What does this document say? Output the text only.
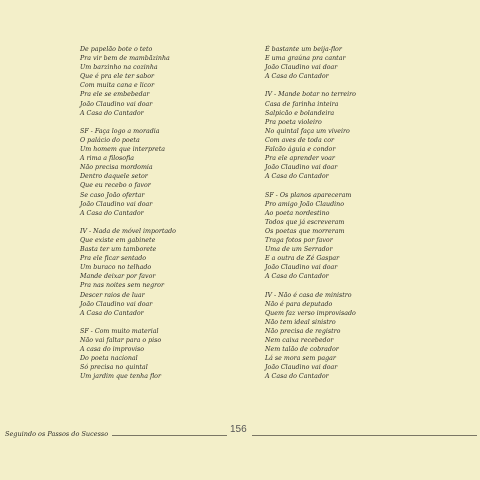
De papelão bote o teto
Pra vir bem de mambãzinha
Um barzinho na cozinha
Que é pra ele ter sabor
Com muita cana e licor
Pra ele se embebedar
João Claudino vai doar
A Casa do Cantador
SF - Faça logo a moradia
O palácio do poeta
Um homem que interpreta
A rima a filosofia
Não precisa mordomia
Dentro daquele setor
Que eu recebo o favor
Se caso João ofertar
João Claudino vai doar
A Casa do Cantador
IV - Nada de móvel importado
Que existe em gabinete
Basta ter um tamborete
Pra ele ficar sentado
Um buraco no telhado
Mande deixar por favor
Pra nas noites sem negror
Descer raios de luar
João Claudino vai doar
A Casa do Cantador
SF - Com muito material
Não vai faltar para o piso
A casa do improviso
Do poeta nacional
Só precisa no quintal
Um jardim que tenha flor
É bastante um beija-flor
E uma graúna pra cantar
João Claudino vai doar
A Casa do Cantador
IV - Mande botar no terreiro
Casa de farinha inteira
Salpicão e bolandeira
Pra poeta violeiro
No quintal faça um viveiro
Com aves de toda cor
Falcão águia e condor
Pra ele aprender voar
João Claudino vai doar
A Casa do Cantador
SF - Os planos apareceram
Pro amigo João Claudino
Ao poeta nordestino
Todos que já escreveram
Os poetas que morreram
Traga fotos por favor
Uma de um Serrador
E a outra de Zé Gaspar
João Claudino vai doar
A Casa do Cantador
IV - Não é casa de ministro
Não é para deputado
Quem faz verso improvisado
Não tem ideal sinistro
Não precisa de registro
Nem caixa recebedor
Nem talão de cobrador
Lá se mora sem pagar
João Claudino vai doar
A Casa do Cantador
Seguindo os Passos do Sucesso	156
